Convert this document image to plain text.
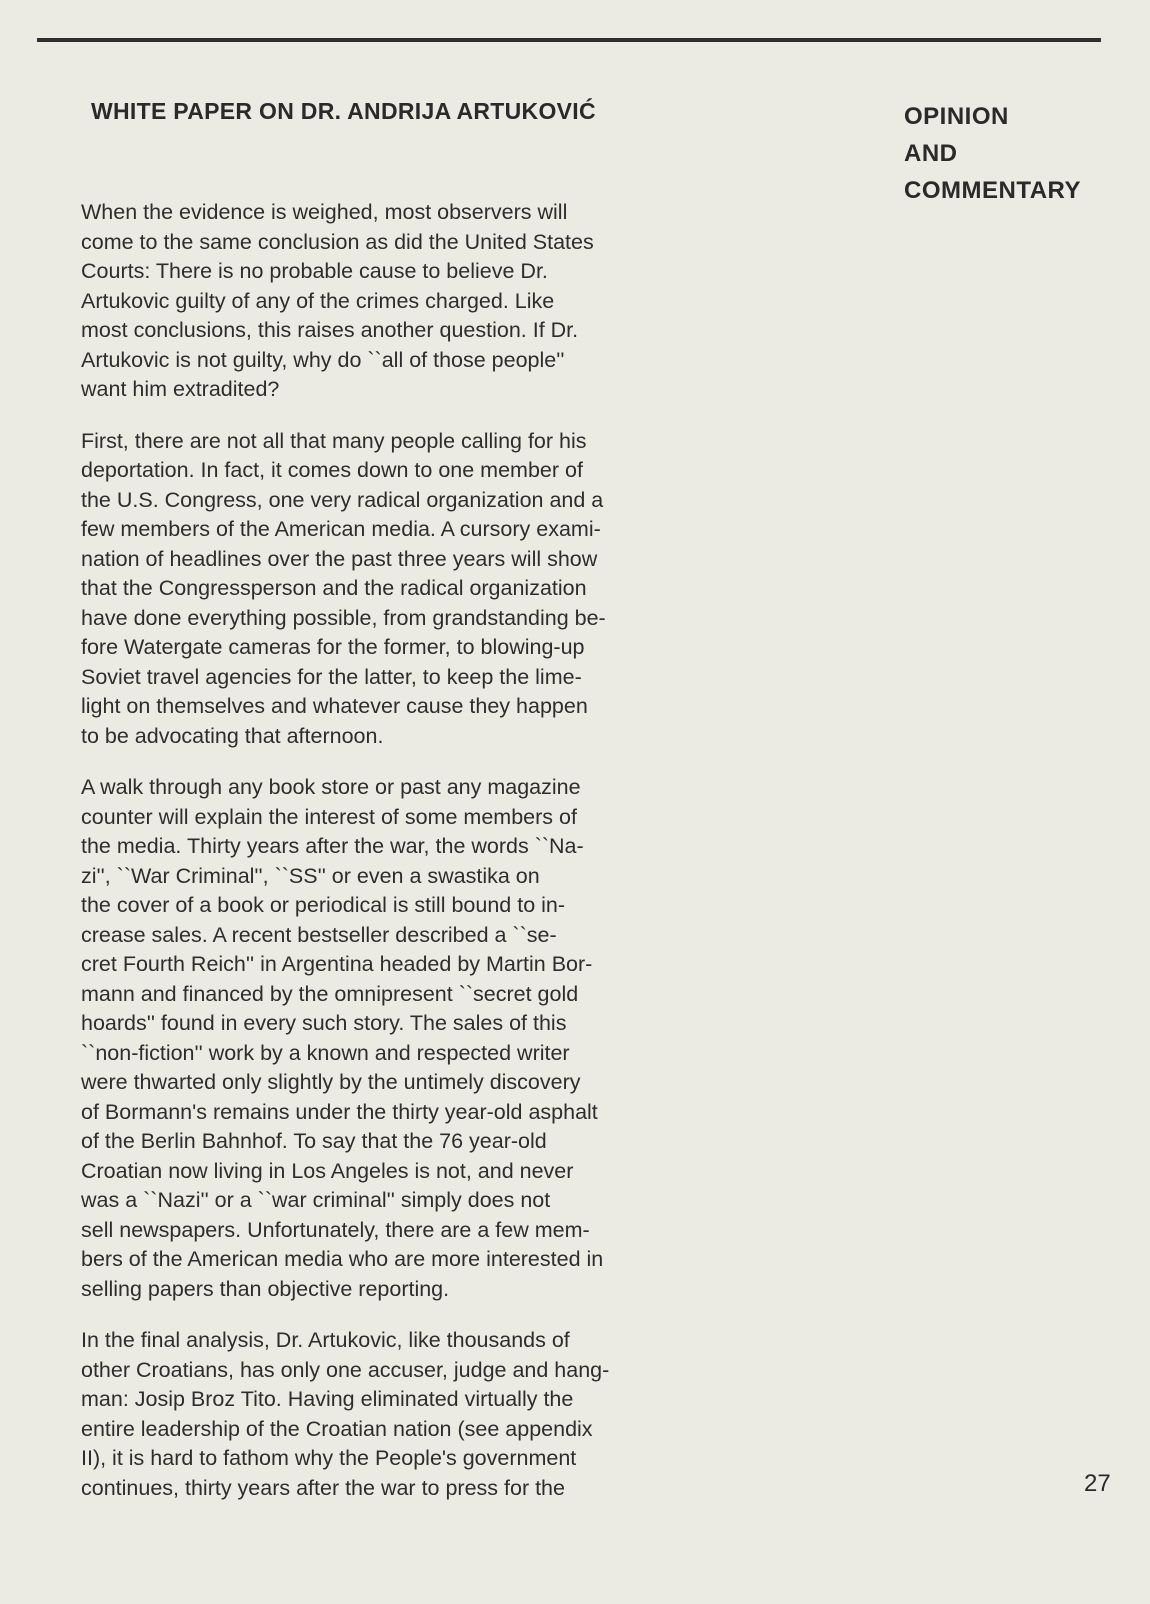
WHITE PAPER ON DR. ANDRIJA ARTUKOVIĆ	OPINION
AND
COMMENTARY

When the evidence is weighed, most observers will
come to the same conclusion as did the United States
Courts: There is no probable cause to believe Dr.
Artukovic guilty of any of the crimes charged. Like
most conclusions, this raises another question. If Dr.
Artukovic is not guilty, why do ``all of those people''
want him extradited?

First, there are not all that many people calling for his
deportation. In fact, it comes down to one member of
the U.S. Congress, one very radical organization and a
few members of the American media. A cursory exami-
nation of headlines over the past three years will show
that the Congressperson and the radical organization
have done everything possible, from grandstanding be-
fore Watergate cameras for the former, to blowing-up
Soviet travel agencies for the latter, to keep the lime-
light on themselves and whatever cause they happen
to be advocating that afternoon.

A walk through any book store or past any magazine
counter will explain the interest of some members of
the media. Thirty years after the war, the words ``Na-
zi'', ``War Criminal'', ``SS'' or even a swastika on
the cover of a book or periodical is still bound to in-
crease sales. A recent bestseller described a ``se-
cret Fourth Reich'' in Argentina headed by Martin Bor-
mann and financed by the omnipresent ``secret gold
hoards'' found in every such story. The sales of this
``non-fiction'' work by a known and respected writer
were thwarted only slightly by the untimely discovery
of Bormann's remains under the thirty year-old asphalt
of the Berlin Bahnhof. To say that the 76 year-old
Croatian now living in Los Angeles is not, and never
was a ``Nazi'' or a ``war criminal'' simply does not
sell newspapers. Unfortunately, there are a few mem-
bers of the American media who are more interested in
selling papers than objective reporting.

In the final analysis, Dr. Artukovic, like thousands of
other Croatians, has only one accuser, judge and hang-
man: Josip Broz Tito. Having eliminated virtually the
entire leadership of the Croatian nation (see appendix
II), it is hard to fathom why the People's government
continues, thirty years after the war to press for the	27
